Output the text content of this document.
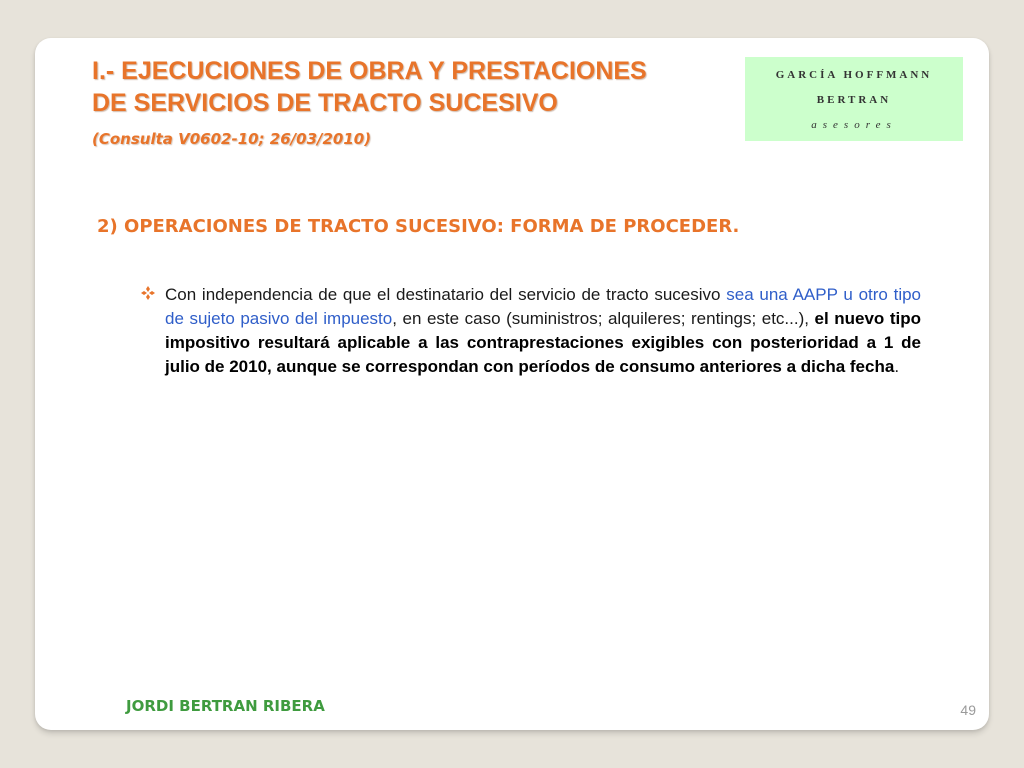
I.- EJECUCIONES DE OBRA Y PRESTACIONES
DE SERVICIOS DE TRACTO SUCESIVO

(Consulta V0602-10; 26/03/2010)

GARCÍA HOFFMANN
BERTRAN
asesores
2) OPERACIONES DE TRACTO SUCESIVO: FORMA DE PROCEDER.

Con independencia de que el destinatario del servicio de tracto sucesivo sea una AAPP u otro tipo de sujeto pasivo del impuesto, en este caso (suministros; alquileres; rentings; etc...), el nuevo tipo impositivo resultará aplicable a las contraprestaciones exigibles con posterioridad a 1 de julio de 2010, aunque se correspondan con períodos de consumo anteriores a dicha fecha.

JORDI BERTRAN RIBERA	49
